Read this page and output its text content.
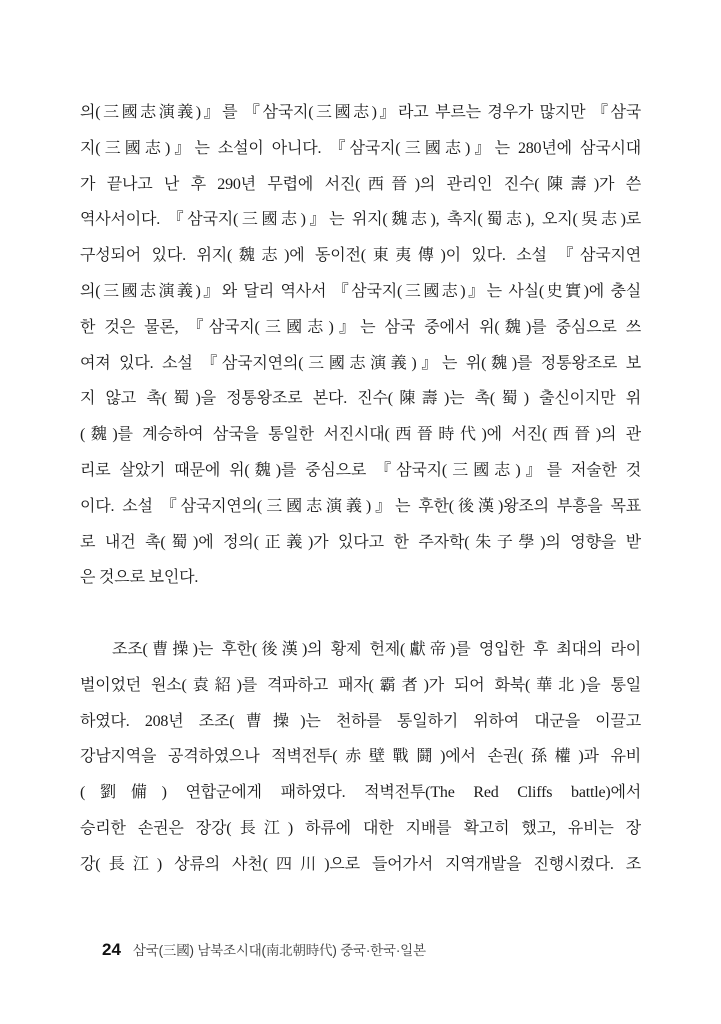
의(三國志演義)』를 『삼국지(三國志)』라고 부르는 경우가 많지만 『삼국
지(三國志)』는 소설이 아니다. 『삼국지(三國志)』는 280년에 삼국시대
가 끝나고 난 후 290년 무렵에 서진(西晉)의 관리인 진수(陳壽)가 쓴
역사서이다. 『삼국지(三國志)』는 위지(魏志), 촉지(蜀志), 오지(吳志)로
구성되어 있다. 위지(魏志)에 동이전(東夷傳)이 있다. 소설 『삼국지연
의(三國志演義)』와 달리 역사서 『삼국지(三國志)』는 사실(史實)에 충실
한 것은 물론, 『삼국지(三國志)』는 삼국 중에서 위(魏)를 중심으로 쓰
여져 있다. 소설 『삼국지연의(三國志演義)』는 위(魏)를 정통왕조로 보
지 않고 촉(蜀)을 정통왕조로 본다. 진수(陳壽)는 촉(蜀) 출신이지만 위
(魏)를 계승하여 삼국을 통일한 서진시대(西晉時代)에 서진(西晉)의 관
리로 살았기 때문에 위(魏)를 중심으로 『삼국지(三國志)』를 저술한 것
이다. 소설 『삼국지연의(三國志演義)』는 후한(後漢)왕조의 부흥을 목표
로 내건 촉(蜀)에 정의(正義)가 있다고 한 주자학(朱子學)의 영향을 받
은 것으로 보인다.
조조(曹操)는 후한(後漢)의 황제 헌제(獻帝)를 영입한 후 최대의 라이
벌이었던 원소(袁紹)를 격파하고 패자(霸者)가 되어 화북(華北)을 통일
하였다. 208년 조조(曹操)는 천하를 통일하기 위하여 대군을 이끌고
강남지역을 공격하였으나 적벽전투(赤壁戰鬪)에서 손권(孫權)과 유비
(劉備) 연합군에게 패하였다. 적벽전투(The Red Cliffs battle)에서
승리한 손권은 장강(長江) 하류에 대한 지배를 확고히 했고, 유비는 장
강(長江) 상류의 사천(四川)으로 들어가서 지역개발을 진행시켰다. 조
24 삼국(三國) 남북조시대(南北朝時代) 중국·한국·일본
